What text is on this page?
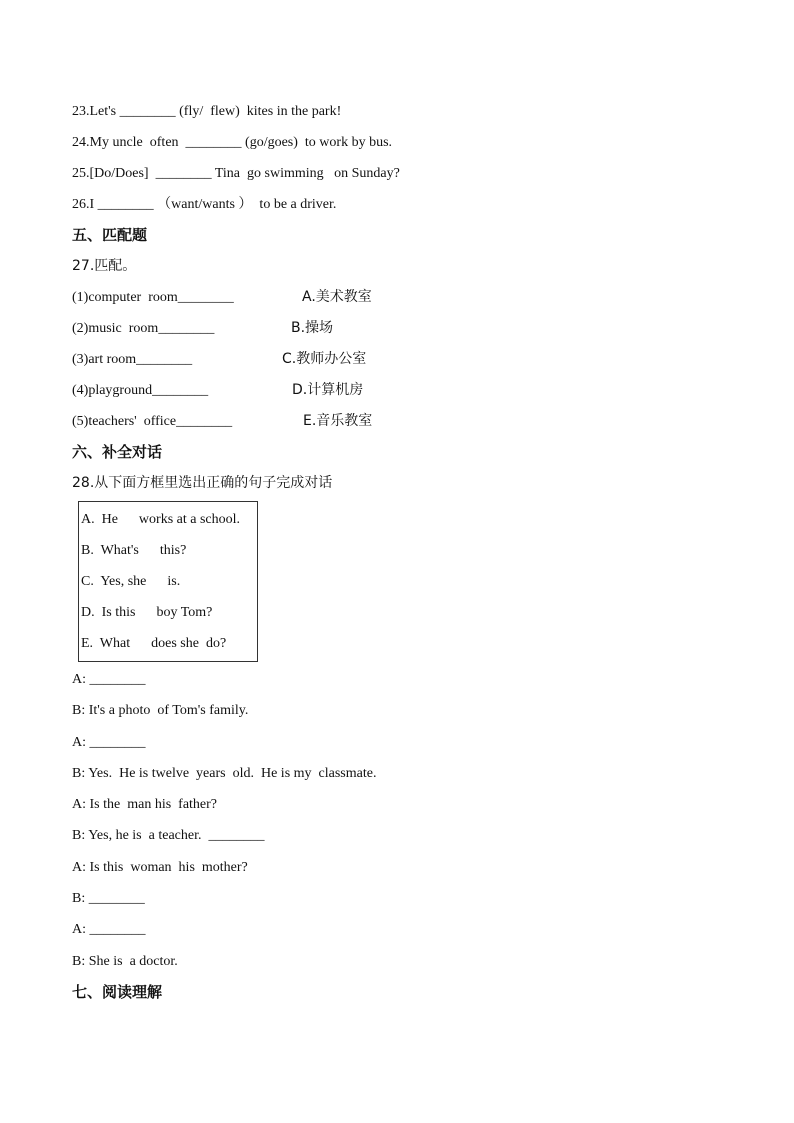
23.Let's ________ (fly/  flew)  kites in the park!
24.My uncle  often  ________ (go/goes)  to work by bus.
25.[Do/Does]  ________ Tina  go swimming   on Sunday?
26.I ________ （want/wants ）  to be a driver.
五、匹配题
27.匹配。
(1)computer  room________	A.美术教室
(2)music  room________	B.操场
(3)art room________	C.教师办公室
(4)playground________	D.计算机房
(5)teachers'  office________	E.音乐教室
六、补全对话
28.从下面方框里选出正确的句子完成对话
A.  He      works at a school.
B.  What's      this?
C.  Yes, she      is.
D.  Is this      boy Tom?
E.  What      does she  do?
A: ________
B: It's a photo  of Tom's family.
A: ________
B: Yes.  He is twelve  years  old.  He is my  classmate.
A: Is the  man his  father?
B: Yes, he is  a teacher.  ________
A: Is this  woman  his  mother?
B: ________
A: ________
B: She is  a doctor.
七、阅读理解
